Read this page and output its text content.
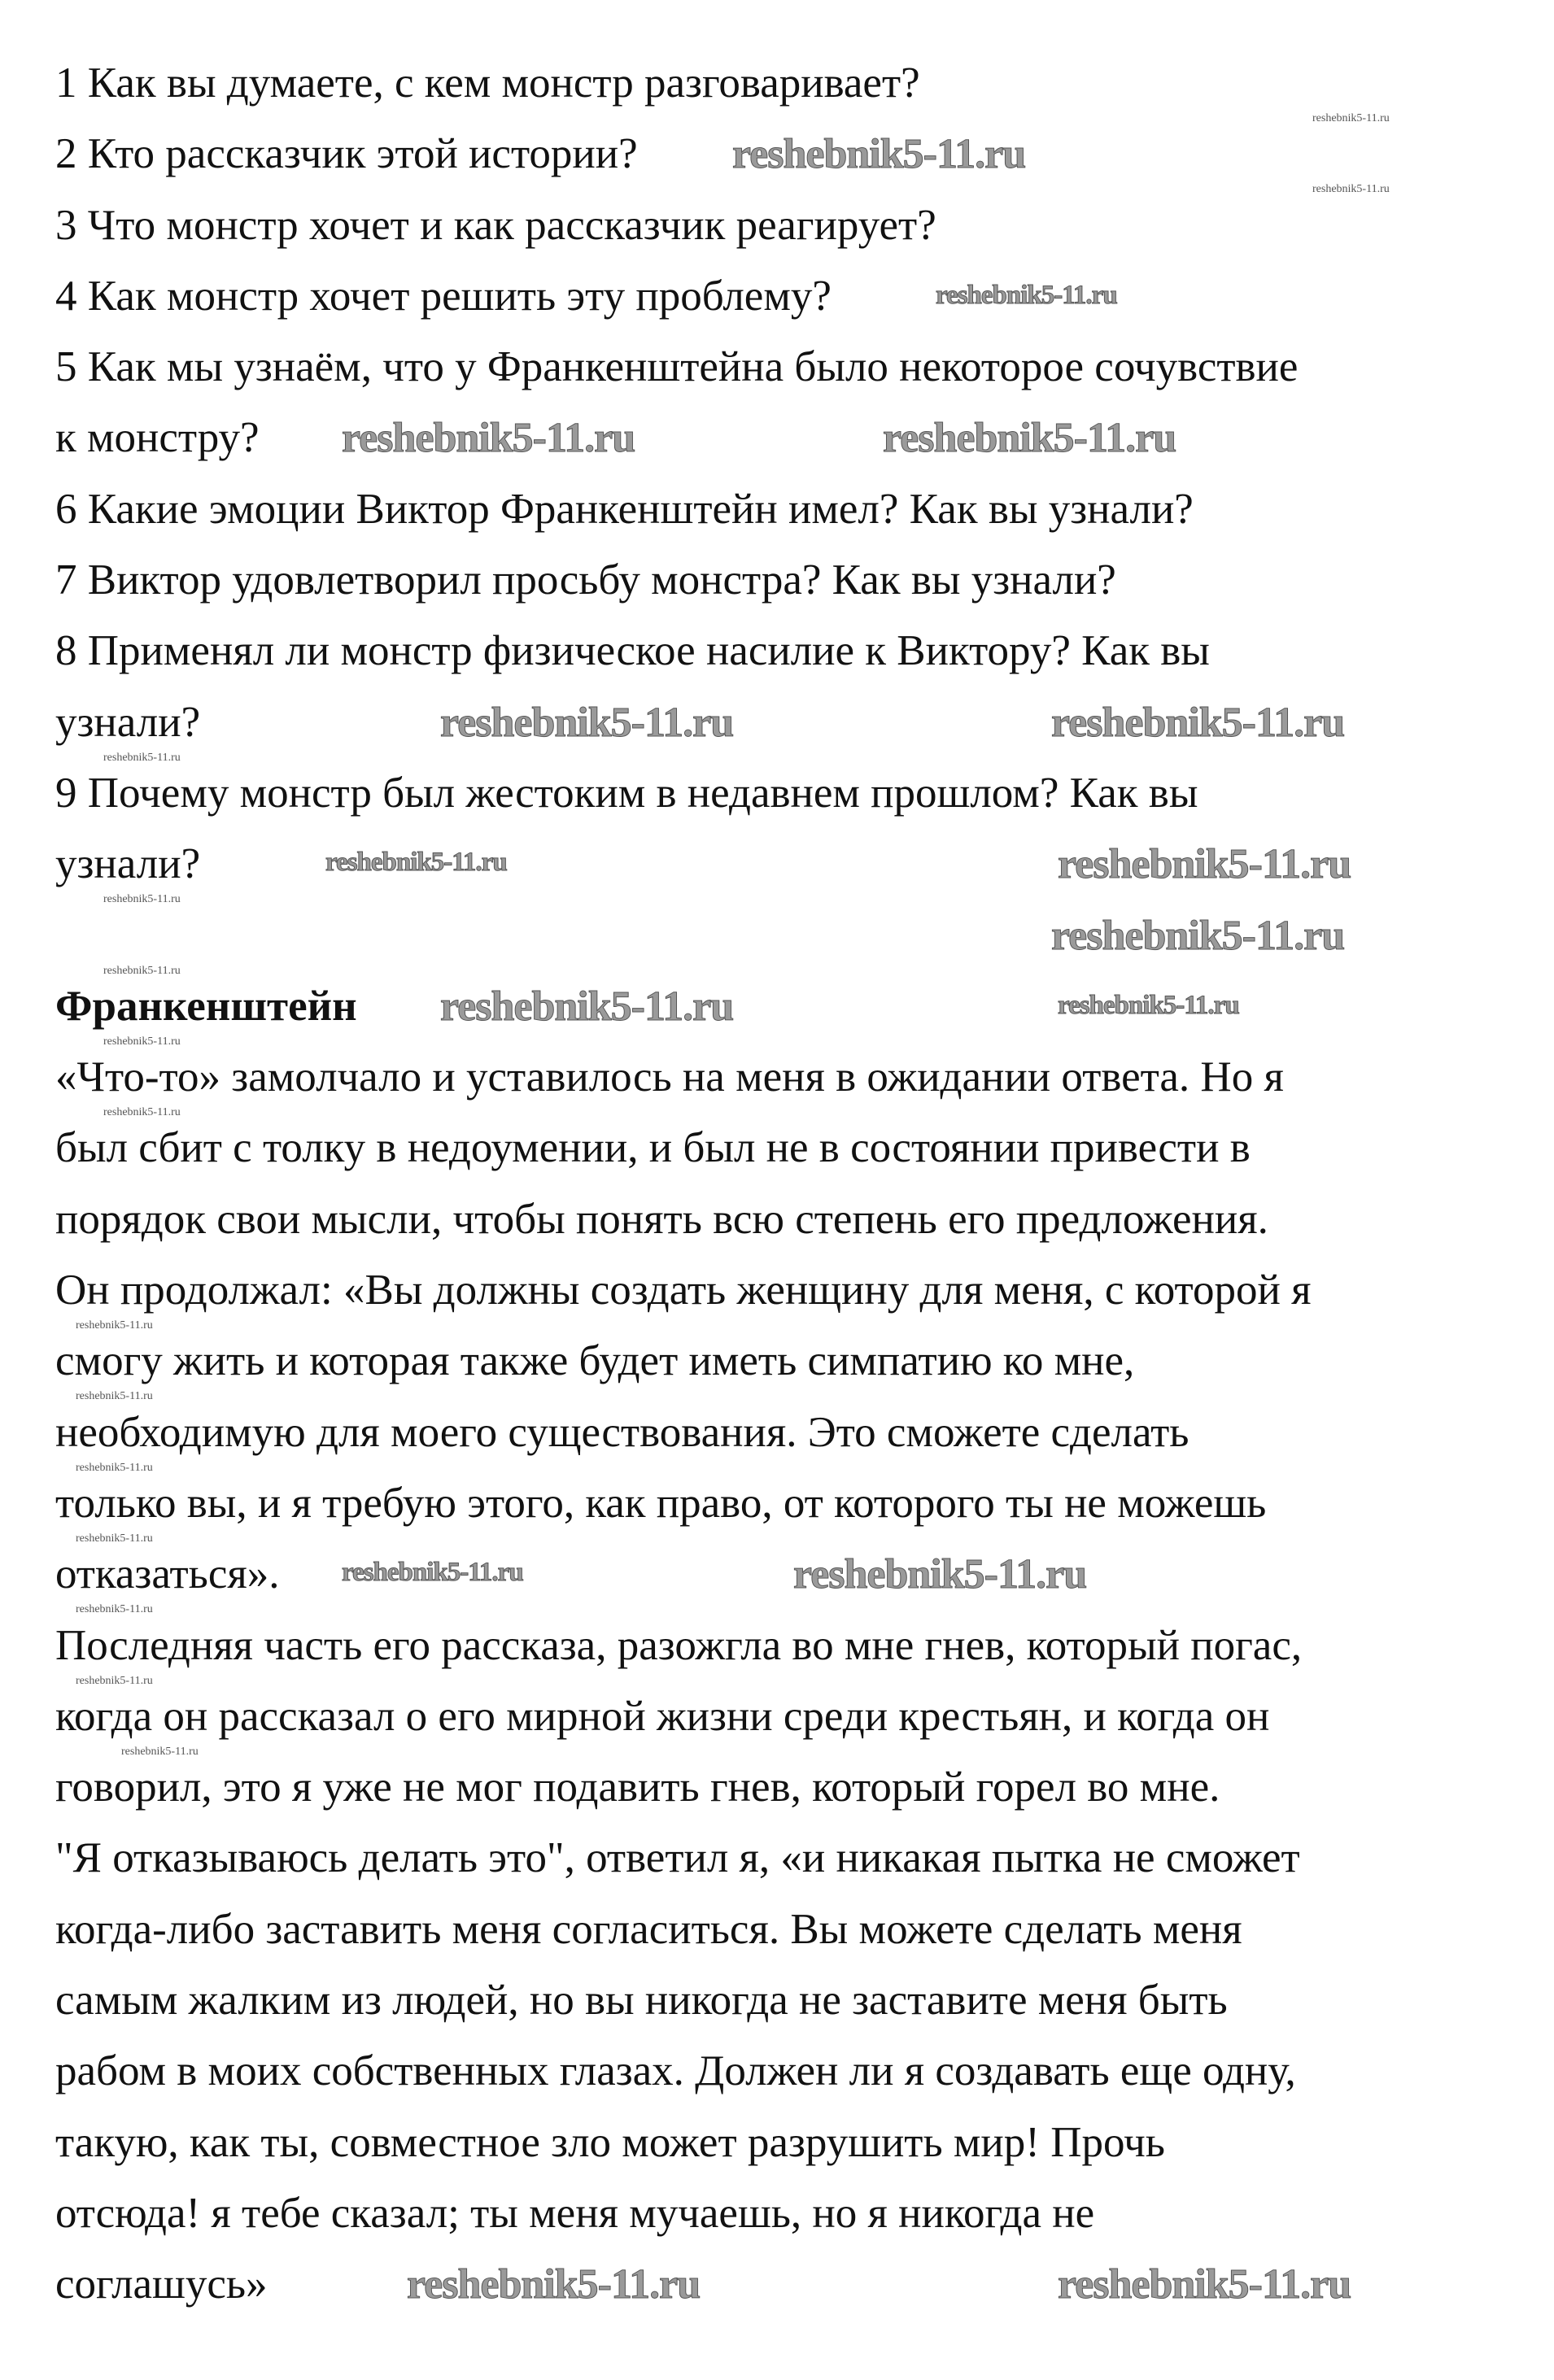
1 Как вы думаете, с кем монстр разговаривает?
2 Кто рассказчик этой истории?
3 Что монстр хочет и как рассказчик реагирует?
4 Как монстр хочет решить эту проблему?
5 Как мы узнаём, что у Франкенштейна было некоторое сочувствие
к монстру?
6 Какие эмоции Виктор Франкенштейн имел? Как вы узнали?
7 Виктор удовлетворил просьбу монстра? Как вы узнали?
8 Применял ли монстр физическое насилие к Виктору? Как вы
узнали?
9 Почему монстр был жестоким в недавнем прошлом? Как вы
узнали?
Франкенштейн
«Что-то» замолчало и уставилось на меня в ожидании ответа. Но я
был сбит с толку в недоумении, и был не в состоянии привести в
порядок свои мысли, чтобы понять всю степень его предложения.
Он продолжал: «Вы должны создать женщину для меня, с которой я
смогу жить и которая также будет иметь симпатию ко мне,
необходимую для моего существования. Это сможете сделать
только вы, и я требую этого, как право, от которого ты не можешь
отказаться».
Последняя часть его рассказа, разожгла во мне гнев, который погас,
когда он рассказал о его мирной жизни среди крестьян, и когда он
говорил, это я уже не мог подавить гнев, который горел во мне.
"Я отказываюсь делать это", ответил я, «и никакая пытка не сможет
когда-либо заставить меня согласиться. Вы можете сделать меня
самым жалким из людей, но вы никогда не заставите меня быть
рабом в моих собственных глазах. Должен ли я создавать еще одну,
такую, как ты, совместное зло может разрушить мир! Прочь
отсюда! я тебе сказал; ты меня мучаешь, но я никогда не
соглашусь»
reshebnik5-11.ru
reshebnik5-11.ru
reshebnik5-11.ru
reshebnik5-11.ru
reshebnik5-11.ru
reshebnik5-11.ru
reshebnik5-11.ru
reshebnik5-11.ru
reshebnik5-11.ru
reshebnik5-11.ru	reshebnik5-11.ru
reshebnik5-11.ru
reshebnik5-11.ru
reshebnik5-11.ru
reshebnik5-11.ru
reshebnik5-11.ru
reshebnik5-11.ru
reshebnik5-11.ru
reshebnik5-11.ru
reshebnik5-11.ru
reshebnik5-11.ru
reshebnik5-11.ru
reshebnik5-11.ru
reshebnik5-11.ru
reshebnik5-11.ru
reshebnik5-11.ru
reshebnik5-11.ru
reshebnik5-11.ru
reshebnik5-11.ru
